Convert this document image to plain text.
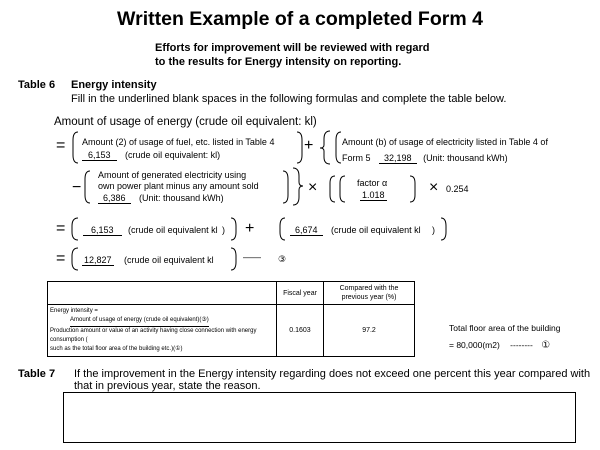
Written Example of a completed Form 4
Efforts for improvement will be reviewed with regard
to the results for Energy intensity on reporting.
Table 6 Energy intensity
Fill in the underlined blank spaces in the following formulas and complete the table below.
Amount of usage of energy (crude oil equivalent: kl)
= Amount (2) of usage of fuel, etc. listed in Table 4
6,153 (crude oil equivalent: kl)
+	Amount (b) of usage of electricity listed in Table 4 of
Form 5 32,198 (Unit: thousand kWh)
−
Amount of generated electricity using
own power plant minus any amount sold
6,386 (Unit: thousand kWh)
×	factor α
1.018	× 0.254
=	6,153 (crude oil equivalent kl ) +	6,674 (crude oil equivalent kl )
= 12,827 (crude oil equivalent kl	—— ③
	Fiscal year	Compared with the previous year (%)

Energy intensity =
Amount of usage of energy (crude oil equivalent)(③)
Production amount or value of an activity having close connection with energy consumption (
such as the total floor area of the building etc.)(①)	0.1603	97.2	Total floor area of the building
= 80,000(m2) -------- ①
Table 7 If the improvement in the Energy intensity regarding does not exceed one percent this year compared with that in previous year, state the reason.
